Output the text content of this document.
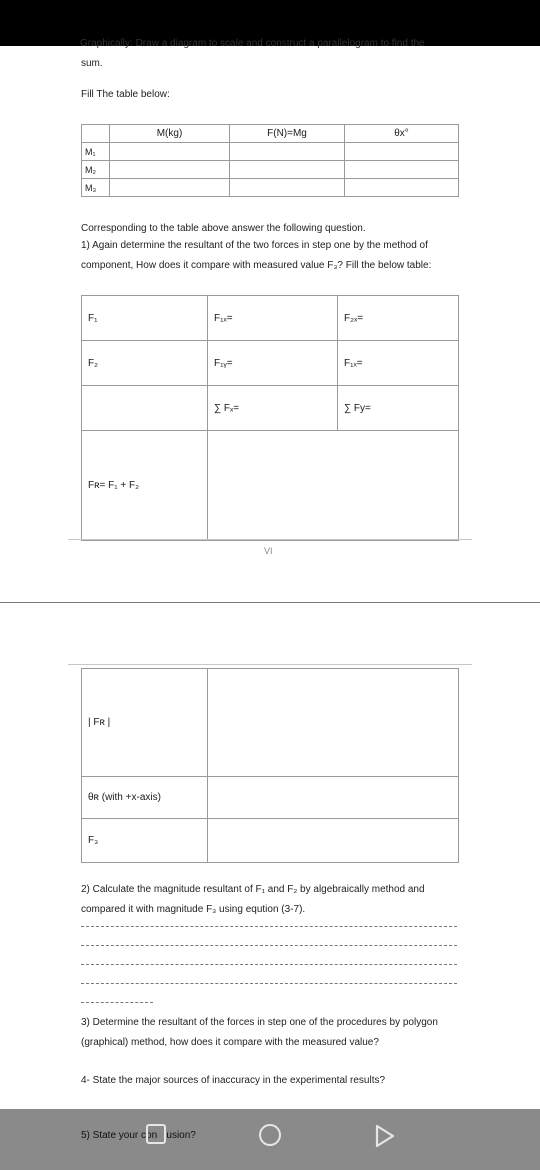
Graphically: Draw a diagram to scale and construct a parallelogram to find the
sum.
Fill The table below:
	M(kg)	F(N)=Mg	θx°
M₁			
M₂			
M₃			
Corresponding to the table above answer the following question.
1) Again determine the resultant of the two forces in step one by the method of component, How does it compare with measured value F₃? Fill the below table:
F₁	F₁ₓ=	F₂ₓ=
F₂	F₁ᵧ=	F₁ₓ=
	∑ Fₓ=	∑ Fy=
Fʀ= F₁ + F₂		
VI
| Fʀ |	
θʀ (with +x-axis)	
F₃	
2) Calculate the magnitude resultant of F₁ and F₂ by algebraically method and compared it with magnitude F₃ using eqution (3-7).
3) Determine the resultant of the forces in step one of the procedures by polygon (graphical) method, how does it compare with the measured value?
4- State the major sources of inaccuracy in the experimental results?
5) State your con lusion?
